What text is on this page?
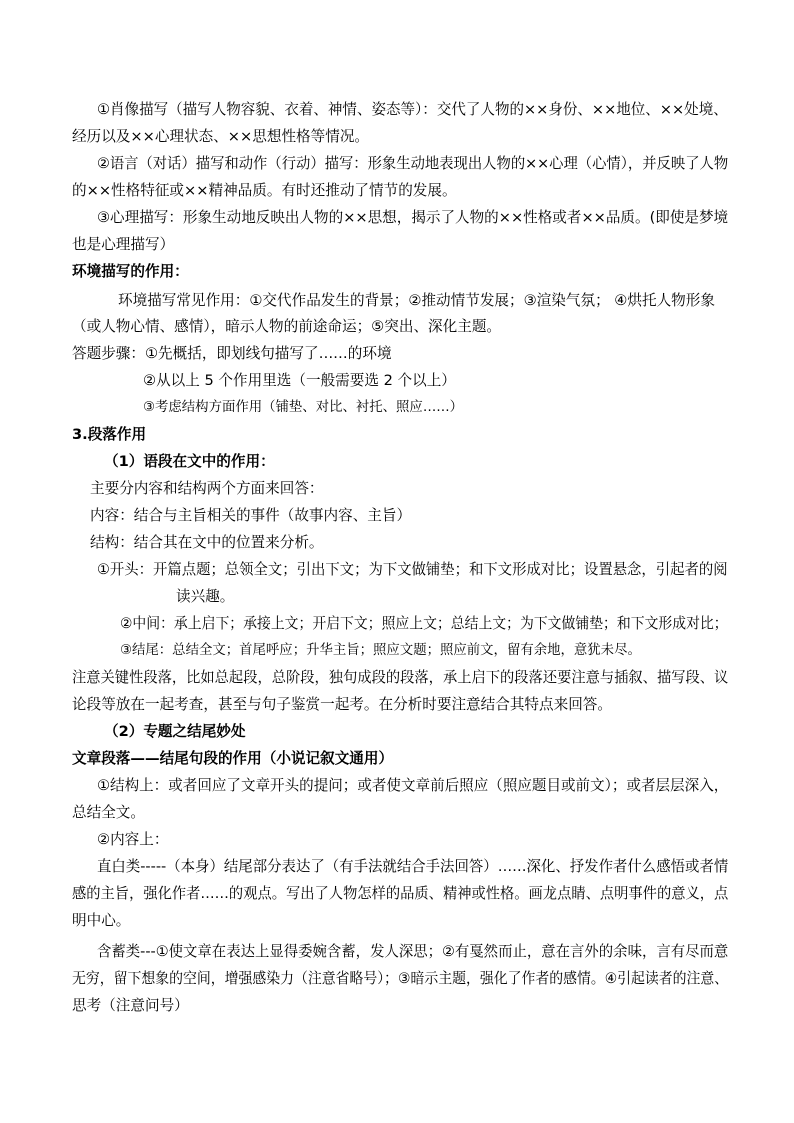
①肖像描写（描写人物容貌、衣着、神情、姿态等）：交代了人物的××身份、××地位、××处境、
经历以及××心理状态、××思想性格等情况。
②语言（对话）描写和动作（行动）描写：形象生动地表现出人物的××心理（心情），并反映了人物
的××性格特征或××精神品质。有时还推动了情节的发展。
③心理描写：形象生动地反映出人物的××思想，揭示了人物的××性格或者××品质。(即使是梦境
也是心理描写）
环境描写的作用：
环境描写常见作用：①交代作品发生的背景；②推动情节发展；③渲染气氛； ④烘托人物形象
（或人物心情、感情），暗示人物的前途命运；⑤突出、深化主题。
答题步骤：①先概括，即划线句描写了……的环境
②从以上 5 个作用里选（一般需要选 2 个以上）
③考虑结构方面作用（铺垫、对比、衬托、照应……）
3.段落作用
（1）语段在文中的作用：
主要分内容和结构两个方面来回答：
内容：结合与主旨相关的事件（故事内容、主旨）
结构：结合其在文中的位置来分析。
①开头：开篇点题；总领全文；引出下文；为下文做铺垫；和下文形成对比；设置悬念，引起者的阅
读兴趣。
②中间：承上启下；承接上文；开启下文；照应上文；总结上文；为下文做铺垫；和下文形成对比；
③结尾：总结全文；首尾呼应；升华主旨；照应文题；照应前文，留有余地，意犹未尽。
注意关键性段落，比如总起段，总阶段，独句成段的段落，承上启下的段落还要注意与插叙、描写段、议
论段等放在一起考查，甚至与句子鉴赏一起考。在分析时要注意结合其特点来回答。
（2）专题之结尾妙处
文章段落——结尾句段的作用（小说记叙文通用）
①结构上：或者回应了文章开头的提问；或者使文章前后照应（照应题目或前文）；或者层层深入，
总结全文。
②内容上：
直白类-----（本身）结尾部分表达了（有手法就结合手法回答）……深化、抒发作者什么感悟或者情
感的主旨，强化作者……的观点。写出了人物怎样的品质、精神或性格。画龙点睛、点明事件的意义，点
明中心。
含蓄类---①使文章在表达上显得委婉含蓄，发人深思；②有戛然而止，意在言外的余味，言有尽而意
无穷，留下想象的空间，增强感染力（注意省略号）；③暗示主题，强化了作者的感情。④引起读者的注意、
思考（注意问号）
